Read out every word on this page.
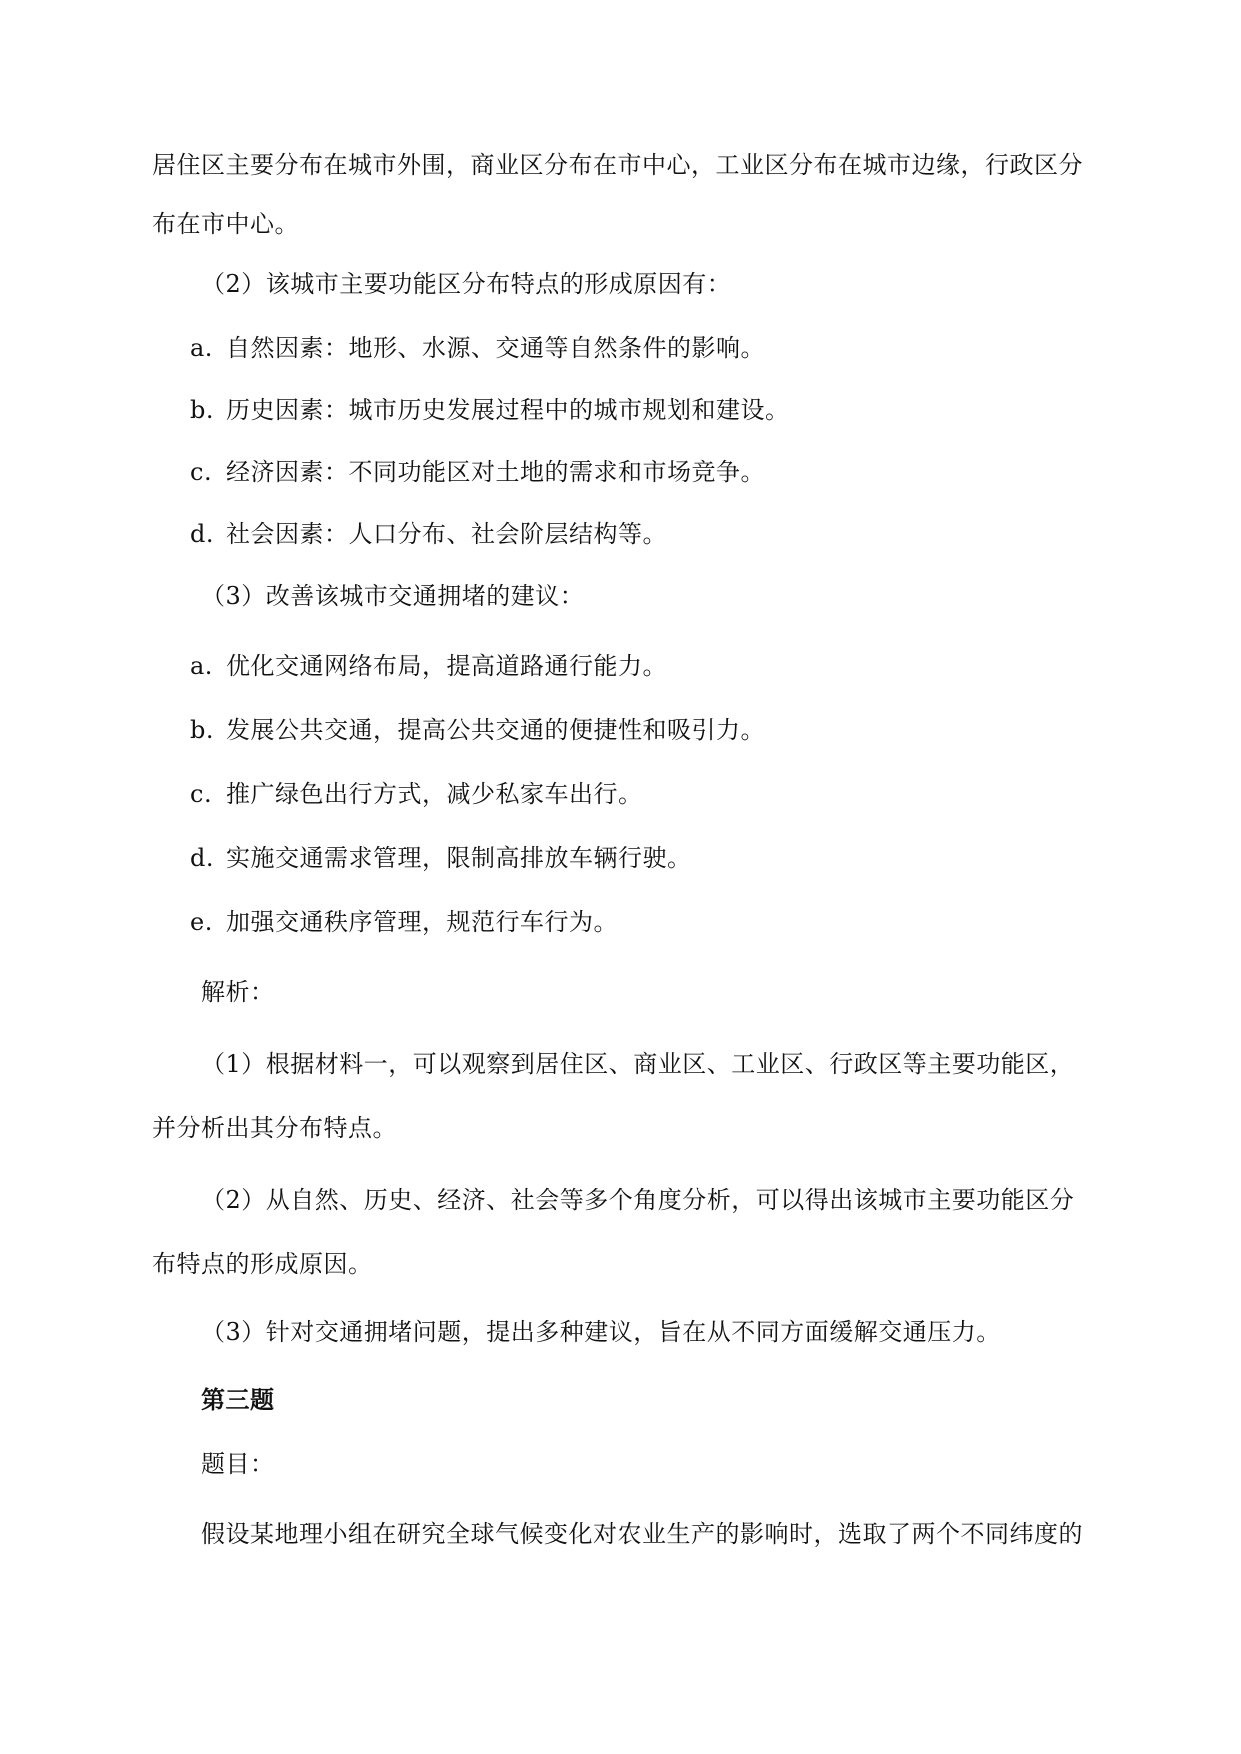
居住区主要分布在城市外围，商业区分布在市中心，工业区分布在城市边缘，行政区分
布在市中心。
（2）该城市主要功能区分布特点的形成原因有：
a. 自然因素：地形、水源、交通等自然条件的影响。
b. 历史因素：城市历史发展过程中的城市规划和建设。
c. 经济因素：不同功能区对土地的需求和市场竞争。
d. 社会因素：人口分布、社会阶层结构等。
（3）改善该城市交通拥堵的建议：
a. 优化交通网络布局，提高道路通行能力。
b. 发展公共交通，提高公共交通的便捷性和吸引力。
c. 推广绿色出行方式，减少私家车出行。
d. 实施交通需求管理，限制高排放车辆行驶。
e. 加强交通秩序管理，规范行车行为。
解析：
（1）根据材料一，可以观察到居住区、商业区、工业区、行政区等主要功能区，
并分析出其分布特点。
（2）从自然、历史、经济、社会等多个角度分析，可以得出该城市主要功能区分
布特点的形成原因。
（3）针对交通拥堵问题，提出多种建议，旨在从不同方面缓解交通压力。
第三题
题目：
假设某地理小组在研究全球气候变化对农业生产的影响时，选取了两个不同纬度的
